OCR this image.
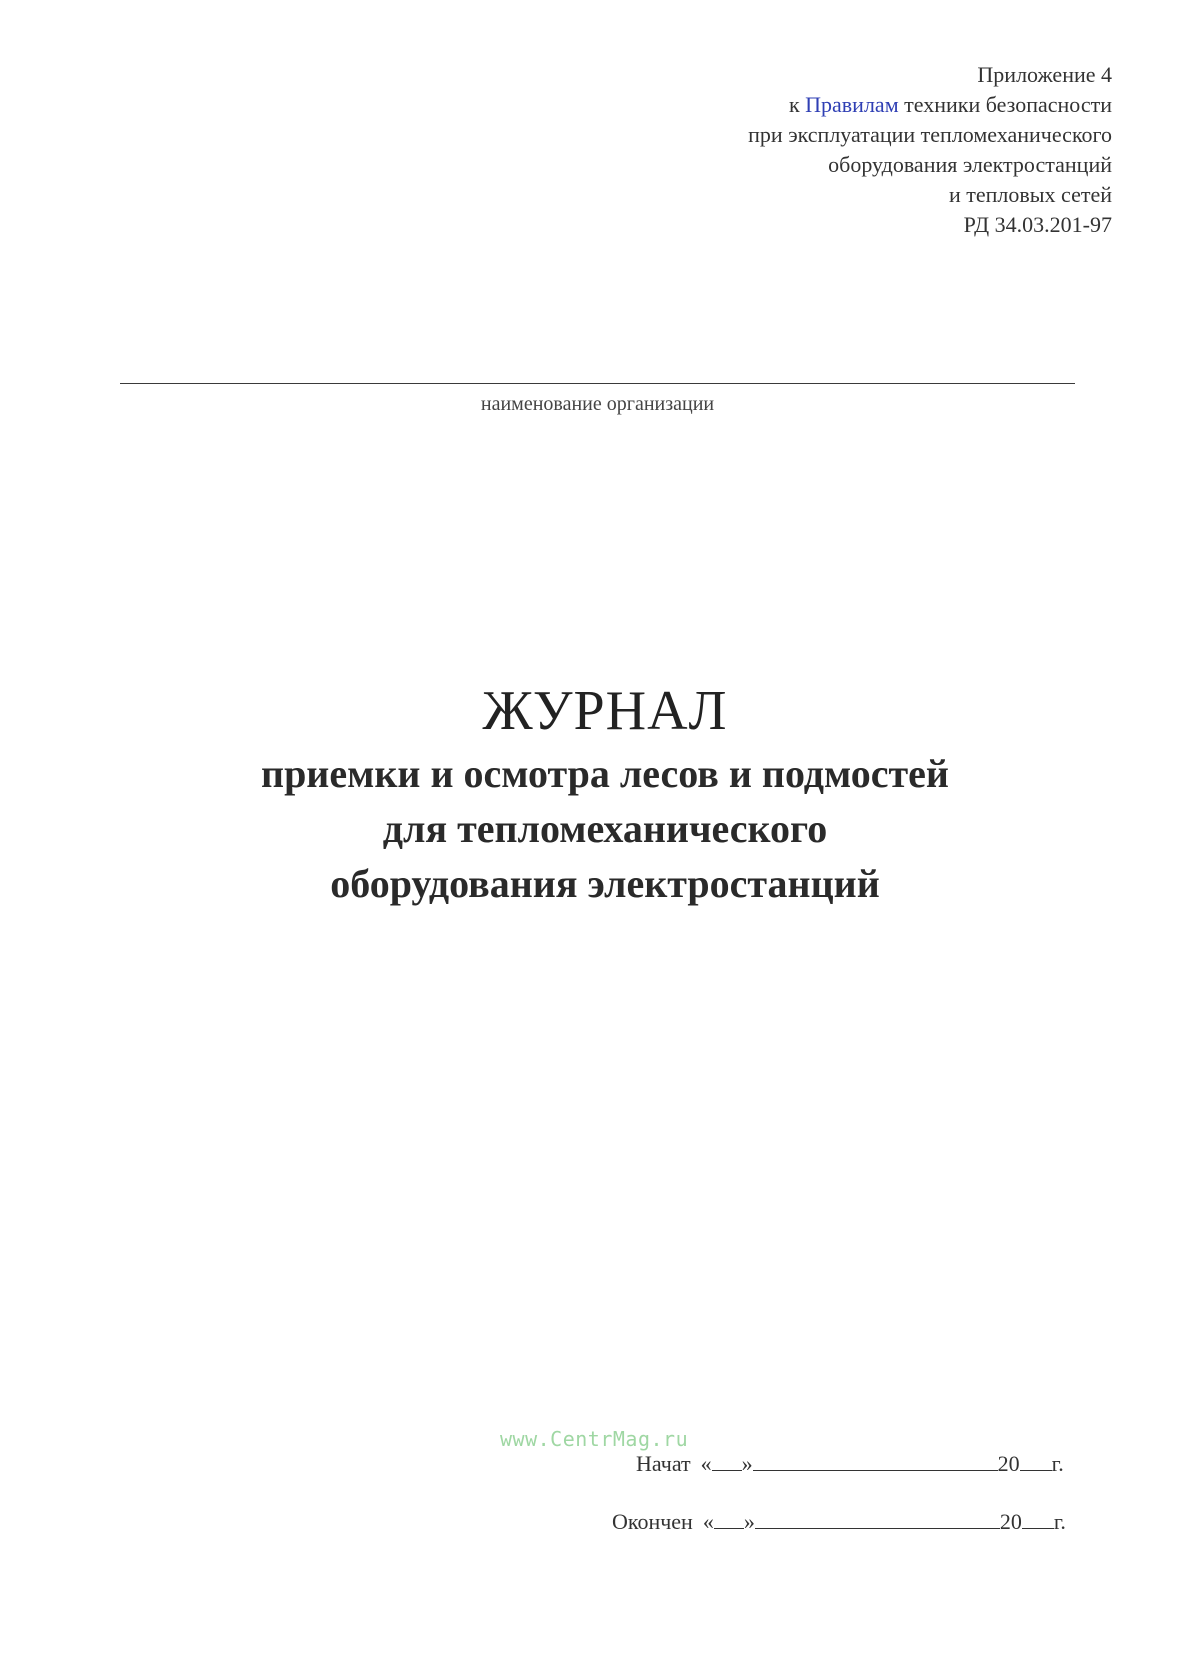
Приложение 4
к Правилам техники безопасности
при эксплуатации тепломеханического
оборудования электростанций
и тепловых сетей
РД 34.03.201-97
наименование организации
ЖУРНАЛ
приемки и осмотра лесов и подмостей
для тепломеханического
оборудования электростанций
www.CentrMag.ru
Начат « »	20 г.
Окончен « »	20 г.
